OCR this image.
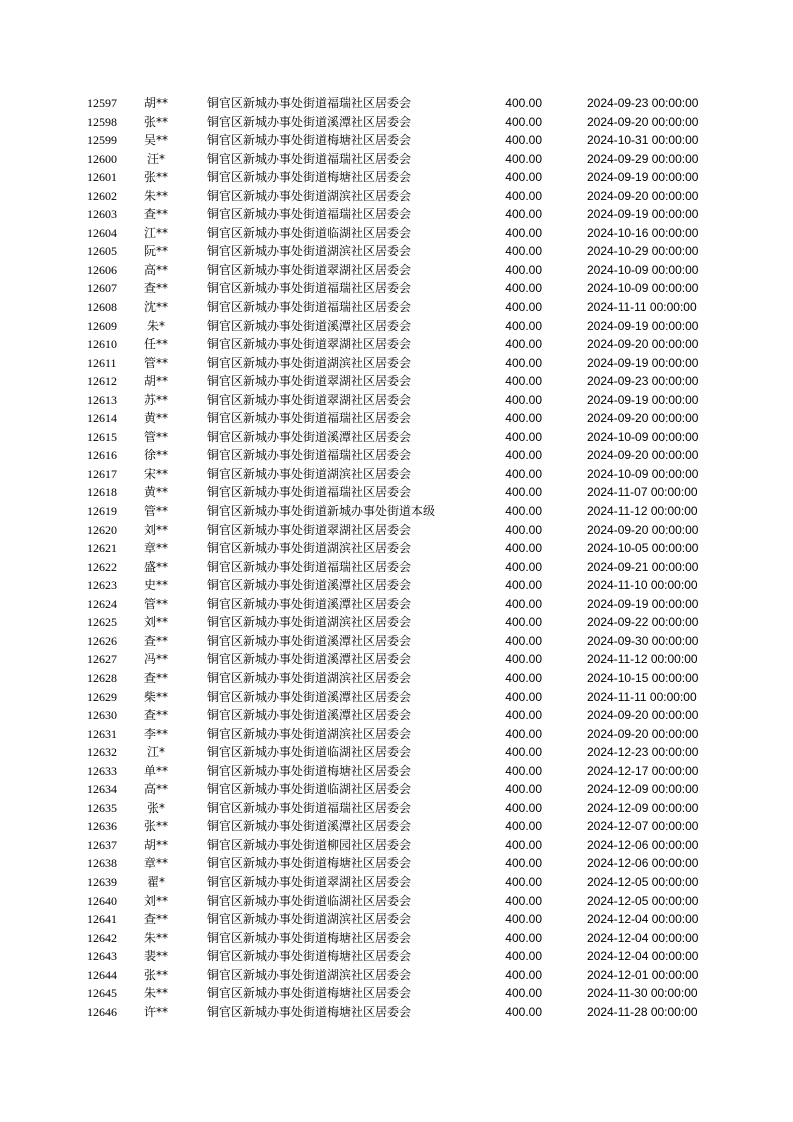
12597	胡**	铜官区新城办事处街道福瑞社区居委会	400.00	2024-09-23 00:00:00
12598	张**	铜官区新城办事处街道溪潭社区居委会	400.00	2024-09-20 00:00:00
12599	吴**	铜官区新城办事处街道梅塘社区居委会	400.00	2024-10-31 00:00:00
12600	汪*	铜官区新城办事处街道福瑞社区居委会	400.00	2024-09-29 00:00:00
12601	张**	铜官区新城办事处街道梅塘社区居委会	400.00	2024-09-19 00:00:00
12602	朱**	铜官区新城办事处街道湖滨社区居委会	400.00	2024-09-20 00:00:00
12603	查**	铜官区新城办事处街道福瑞社区居委会	400.00	2024-09-19 00:00:00
12604	江**	铜官区新城办事处街道临湖社区居委会	400.00	2024-10-16 00:00:00
12605	阮**	铜官区新城办事处街道湖滨社区居委会	400.00	2024-10-29 00:00:00
12606	高**	铜官区新城办事处街道翠湖社区居委会	400.00	2024-10-09 00:00:00
12607	查**	铜官区新城办事处街道福瑞社区居委会	400.00	2024-10-09 00:00:00
12608	沈**	铜官区新城办事处街道福瑞社区居委会	400.00	2024-11-11 00:00:00
12609	朱*	铜官区新城办事处街道溪潭社区居委会	400.00	2024-09-19 00:00:00
12610	任**	铜官区新城办事处街道翠湖社区居委会	400.00	2024-09-20 00:00:00
12611	管**	铜官区新城办事处街道湖滨社区居委会	400.00	2024-09-19 00:00:00
12612	胡**	铜官区新城办事处街道翠湖社区居委会	400.00	2024-09-23 00:00:00
12613	苏**	铜官区新城办事处街道翠湖社区居委会	400.00	2024-09-19 00:00:00
12614	黄**	铜官区新城办事处街道福瑞社区居委会	400.00	2024-09-20 00:00:00
12615	管**	铜官区新城办事处街道溪潭社区居委会	400.00	2024-10-09 00:00:00
12616	徐**	铜官区新城办事处街道福瑞社区居委会	400.00	2024-09-20 00:00:00
12617	宋**	铜官区新城办事处街道湖滨社区居委会	400.00	2024-10-09 00:00:00
12618	黄**	铜官区新城办事处街道福瑞社区居委会	400.00	2024-11-07 00:00:00
12619	管**	铜官区新城办事处街道新城办事处街道本级	400.00	2024-11-12 00:00:00
12620	刘**	铜官区新城办事处街道翠湖社区居委会	400.00	2024-09-20 00:00:00
12621	章**	铜官区新城办事处街道湖滨社区居委会	400.00	2024-10-05 00:00:00
12622	盛**	铜官区新城办事处街道福瑞社区居委会	400.00	2024-09-21 00:00:00
12623	史**	铜官区新城办事处街道溪潭社区居委会	400.00	2024-11-10 00:00:00
12624	管**	铜官区新城办事处街道溪潭社区居委会	400.00	2024-09-19 00:00:00
12625	刘**	铜官区新城办事处街道湖滨社区居委会	400.00	2024-09-22 00:00:00
12626	查**	铜官区新城办事处街道溪潭社区居委会	400.00	2024-09-30 00:00:00
12627	冯**	铜官区新城办事处街道溪潭社区居委会	400.00	2024-11-12 00:00:00
12628	查**	铜官区新城办事处街道湖滨社区居委会	400.00	2024-10-15 00:00:00
12629	柴**	铜官区新城办事处街道溪潭社区居委会	400.00	2024-11-11 00:00:00
12630	查**	铜官区新城办事处街道溪潭社区居委会	400.00	2024-09-20 00:00:00
12631	李**	铜官区新城办事处街道湖滨社区居委会	400.00	2024-09-20 00:00:00
12632	江*	铜官区新城办事处街道临湖社区居委会	400.00	2024-12-23 00:00:00
12633	单**	铜官区新城办事处街道梅塘社区居委会	400.00	2024-12-17 00:00:00
12634	高**	铜官区新城办事处街道临湖社区居委会	400.00	2024-12-09 00:00:00
12635	张*	铜官区新城办事处街道福瑞社区居委会	400.00	2024-12-09 00:00:00
12636	张**	铜官区新城办事处街道溪潭社区居委会	400.00	2024-12-07 00:00:00
12637	胡**	铜官区新城办事处街道柳园社区居委会	400.00	2024-12-06 00:00:00
12638	章**	铜官区新城办事处街道梅塘社区居委会	400.00	2024-12-06 00:00:00
12639	翟*	铜官区新城办事处街道翠湖社区居委会	400.00	2024-12-05 00:00:00
12640	刘**	铜官区新城办事处街道临湖社区居委会	400.00	2024-12-05 00:00:00
12641	查**	铜官区新城办事处街道湖滨社区居委会	400.00	2024-12-04 00:00:00
12642	朱**	铜官区新城办事处街道梅塘社区居委会	400.00	2024-12-04 00:00:00
12643	裴**	铜官区新城办事处街道梅塘社区居委会	400.00	2024-12-04 00:00:00
12644	张**	铜官区新城办事处街道湖滨社区居委会	400.00	2024-12-01 00:00:00
12645	朱**	铜官区新城办事处街道梅塘社区居委会	400.00	2024-11-30 00:00:00
12646	许**	铜官区新城办事处街道梅塘社区居委会	400.00	2024-11-28 00:00:00
